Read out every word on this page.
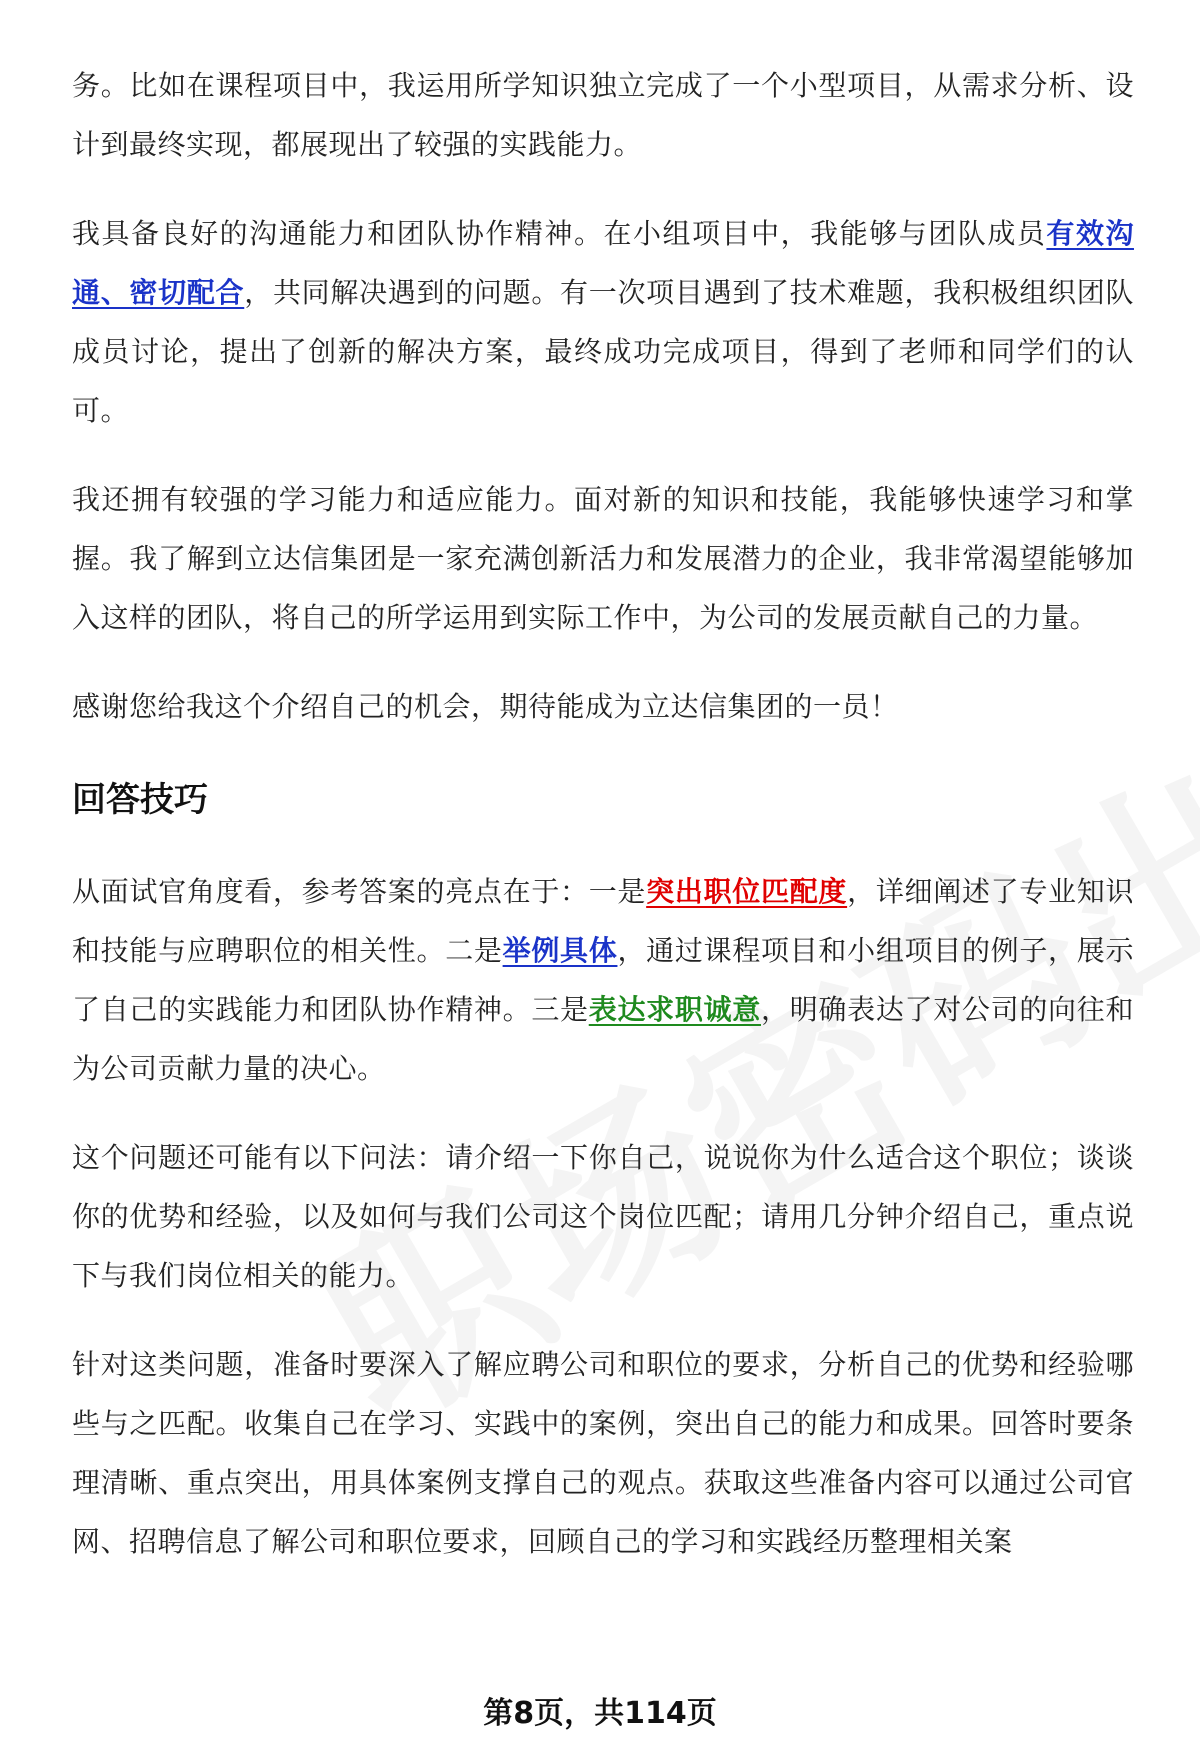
务。比如在课程项目中，我运用所学知识独立完成了一个小型项目，从需求分析、设计到最终实现，都展现出了较强的实践能力。

我具备良好的沟通能力和团队协作精神。在小组项目中，我能够与团队成员有效沟通、密切配合，共同解决遇到的问题。有一次项目遇到了技术难题，我积极组织团队成员讨论，提出了创新的解决方案，最终成功完成项目，得到了老师和同学们的认可。

我还拥有较强的学习能力和适应能力。面对新的知识和技能，我能够快速学习和掌握。我了解到立达信集团是一家充满创新活力和发展潜力的企业，我非常渴望能够加入这样的团队，将自己的所学运用到实际工作中，为公司的发展贡献自己的力量。

感谢您给我这个介绍自己的机会，期待能成为立达信集团的一员！

回答技巧

从面试官角度看，参考答案的亮点在于：一是突出职位匹配度，详细阐述了专业知识和技能与应聘职位的相关性。二是举例具体，通过课程项目和小组项目的例子，展示了自己的实践能力和团队协作精神。三是表达求职诚意，明确表达了对公司的向往和为公司贡献力量的决心。

这个问题还可能有以下问法：请介绍一下你自己，说说你为什么适合这个职位；谈谈你的优势和经验，以及如何与我们公司这个岗位匹配；请用几分钟介绍自己，重点说下与我们岗位相关的能力。

针对这类问题，准备时要深入了解应聘公司和职位的要求，分析自己的优势和经验哪些与之匹配。收集自己在学习、实践中的案例，突出自己的能力和成果。回答时要条理清晰、重点突出，用具体案例支撑自己的观点。获取这些准备内容可以通过公司官网、招聘信息了解公司和职位要求，回顾自己的学习和实践经历整理相关案

第8页，共114页
